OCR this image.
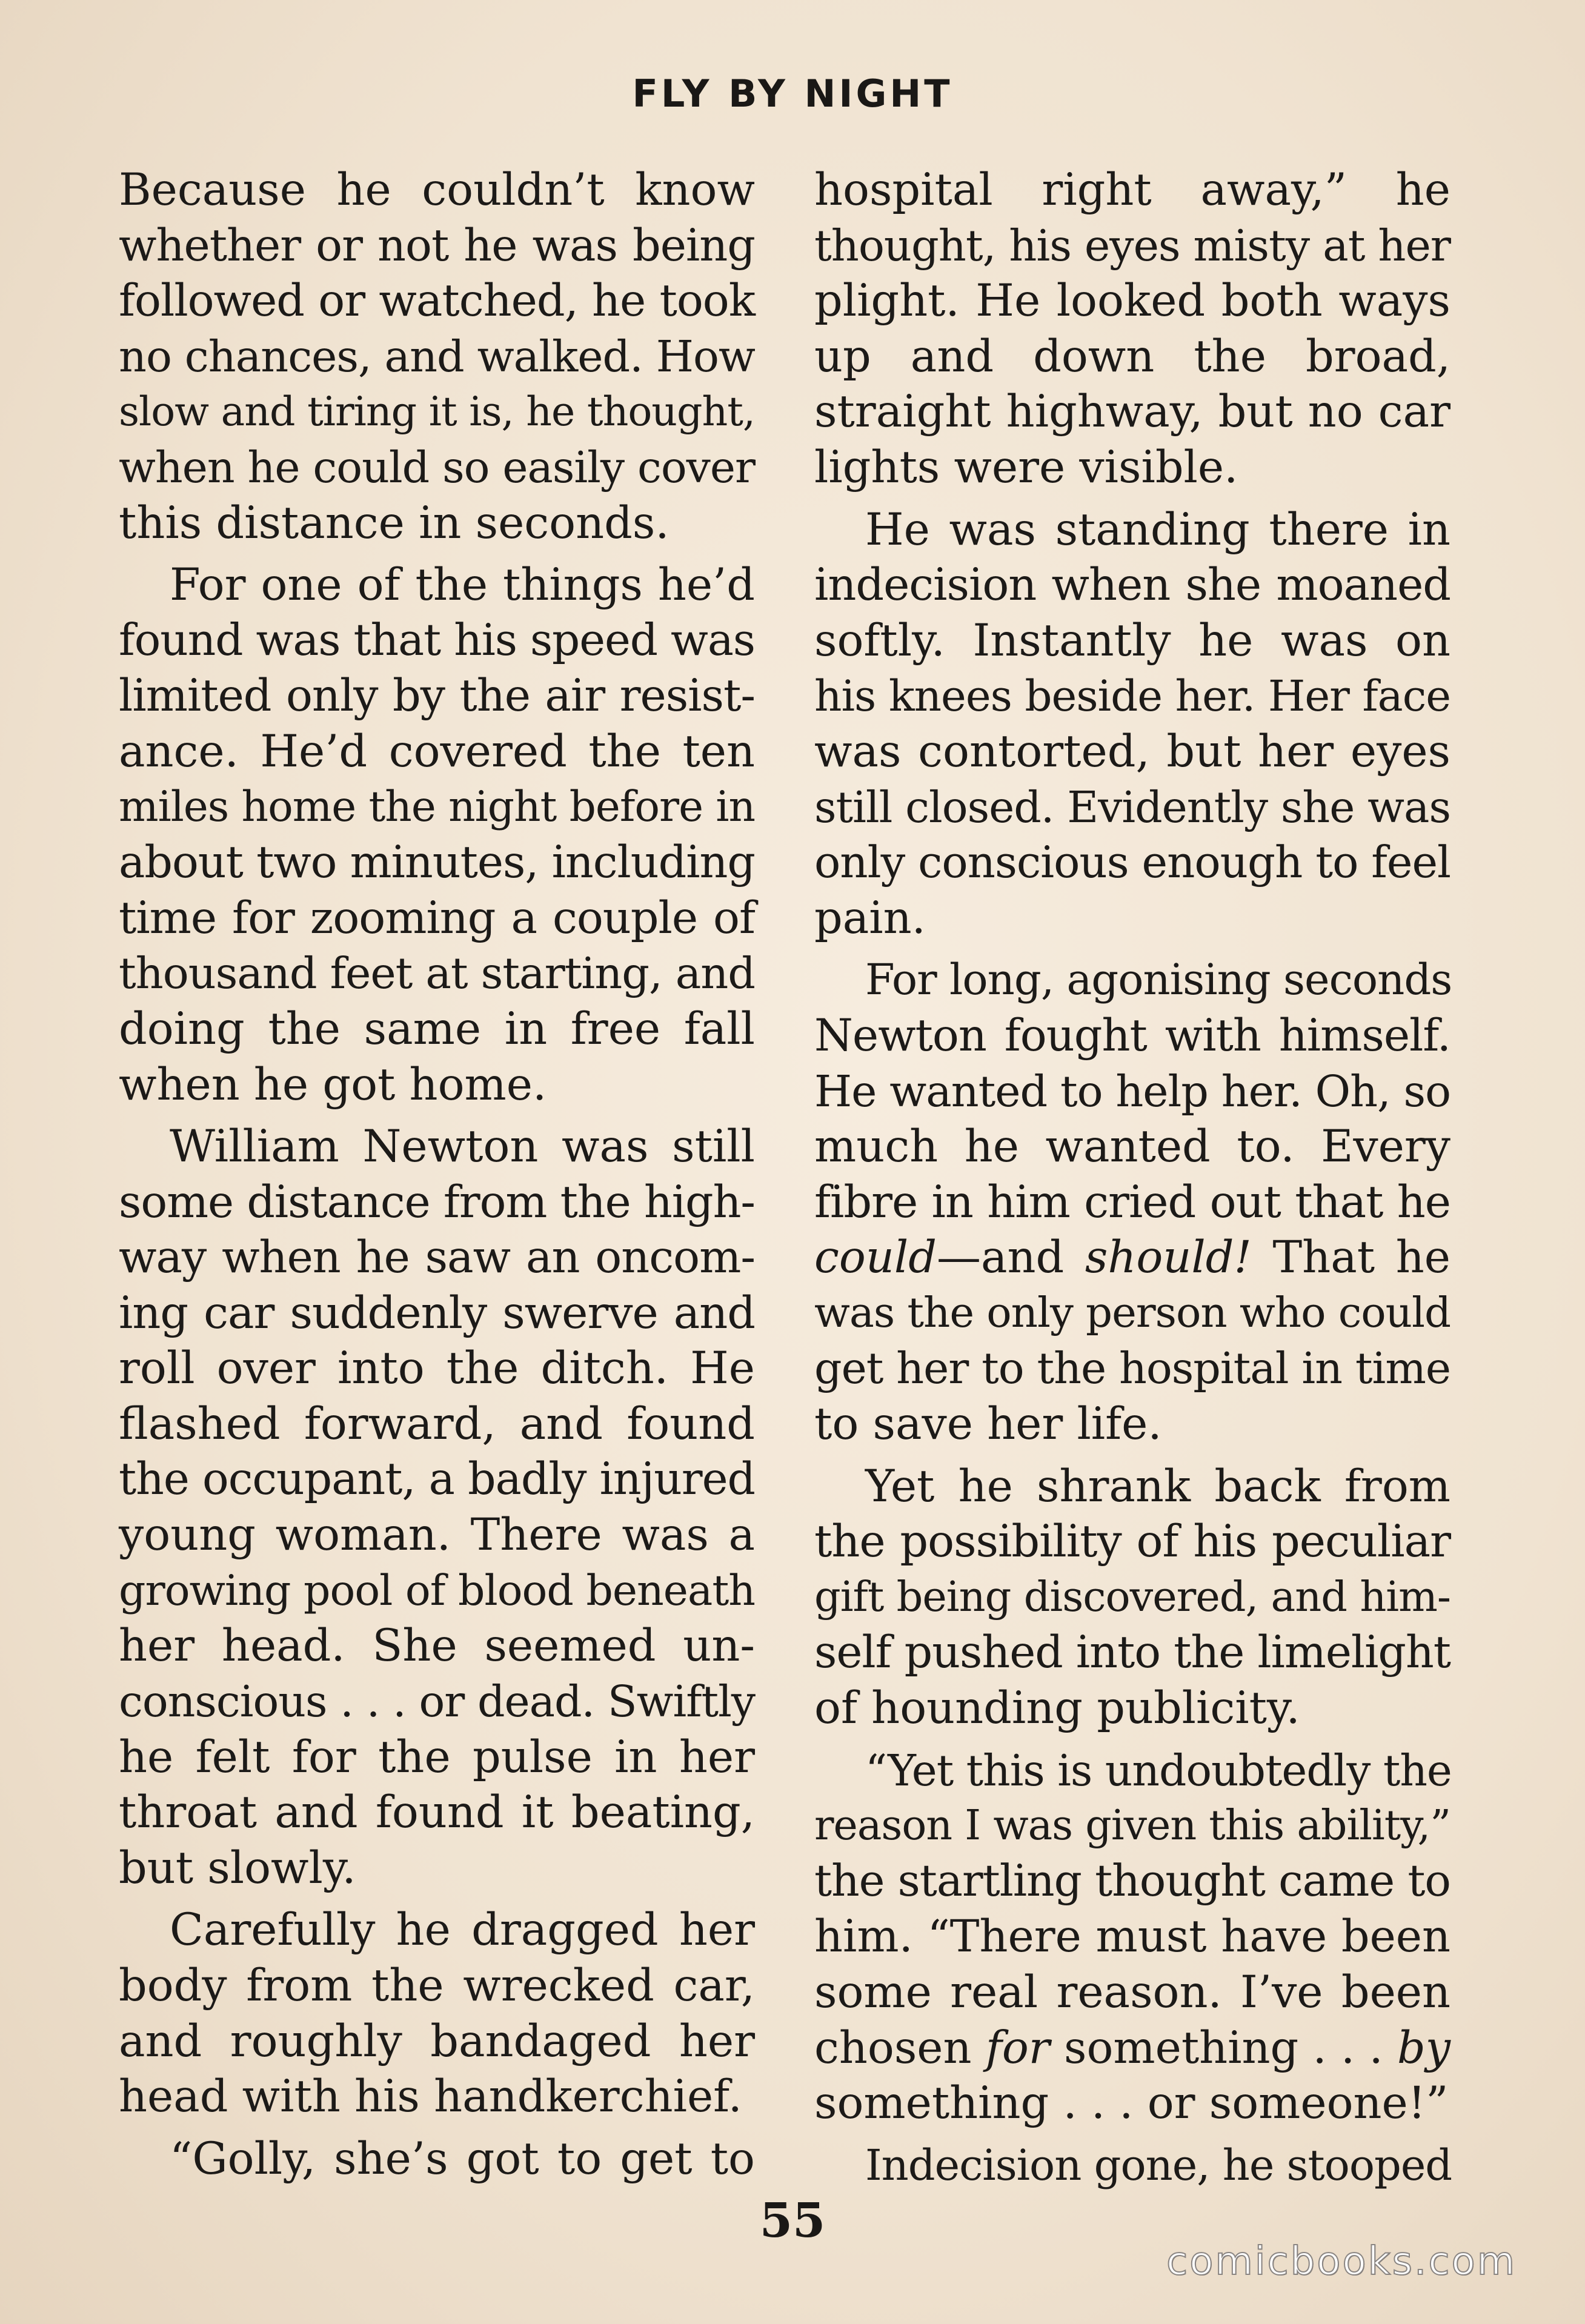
FLY BY NIGHT
Because he couldn’t know
whether or not he was being
followed or watched, he took
no chances, and walked. How
slow and tiring it is, he thought,
when he could so easily cover
this distance in seconds.
For one of the things he’d
found was that his speed was
limited only by the air resist-
ance. He’d covered the ten
miles home the night before in
about two minutes, including
time for zooming a couple of
thousand feet at starting, and
doing the same in free fall
when he got home.
William Newton was still
some distance from the high-
way when he saw an oncom-
ing car suddenly swerve and
roll over into the ditch. He
flashed forward, and found
the occupant, a badly injured
young woman. There was a
growing pool of blood beneath
her head. She seemed un-
conscious . . . or dead. Swiftly
he felt for the pulse in her
throat and found it beating,
but slowly.
Carefully he dragged her
body from the wrecked car,
and roughly bandaged her
head with his handkerchief.
“Golly, she’s got to get to
hospital right away,” he
thought, his eyes misty at her
plight. He looked both ways
up and down the broad,
straight highway, but no car
lights were visible.
He was standing there in
indecision when she moaned
softly. Instantly he was on
his knees beside her. Her face
was contorted, but her eyes
still closed. Evidently she was
only conscious enough to feel
pain.
For long, agonising seconds
Newton fought with himself.
He wanted to help her. Oh, so
much he wanted to. Every
fibre in him cried out that he
could—and should! That he
was the only person who could
get her to the hospital in time
to save her life.
Yet he shrank back from
the possibility of his peculiar
gift being discovered, and him-
self pushed into the limelight
of hounding publicity.
“Yet this is undoubtedly the
reason I was given this ability,”
the startling thought came to
him. “There must have been
some real reason. I’ve been
chosen for something . . . by
something . . . or someone!”
Indecision gone, he stooped
55
comicbooks.com
